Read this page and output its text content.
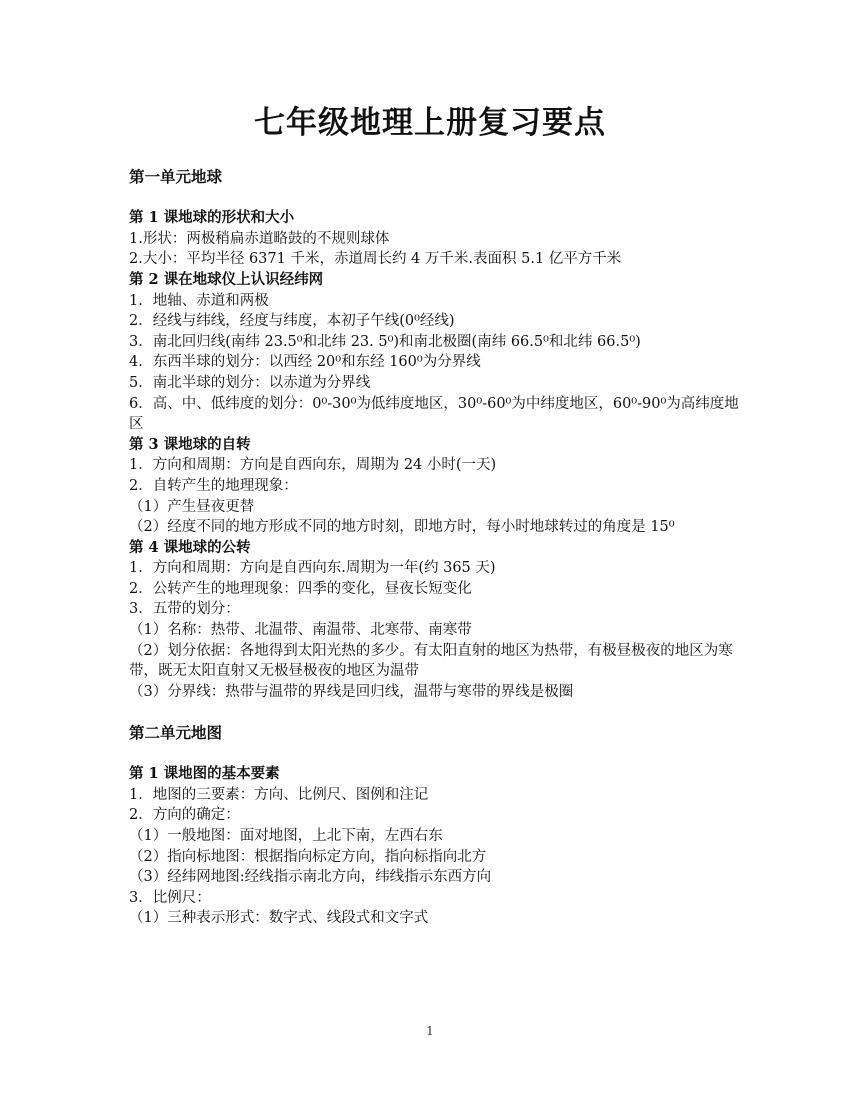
七年级地理上册复习要点
第一单元地球
第 1 课地球的形状和大小
1.形状：两极稍扁赤道略鼓的不规则球体
2.大小：平均半径 6371 千米，赤道周长约 4 万千米.表面积 5.1 亿平方千米
第 2 课在地球仪上认识经纬网
1．地轴、赤道和两极
2．经线与纬线，经度与纬度，本初子午线(0⁰经线)
3．南北回归线(南纬 23.5⁰和北纬 23. 5⁰)和南北极圈(南纬 66.5⁰和北纬 66.5⁰)
4．东西半球的划分：以西经 20⁰和东经 160⁰为分界线
5．南北半球的划分：以赤道为分界线
6．高、中、低纬度的划分：0⁰-30⁰为低纬度地区，30⁰-60⁰为中纬度地区，60⁰-90⁰为高纬度地区
第 3 课地球的自转
1．方向和周期：方向是自西向东，周期为 24 小时(一天)
2．自转产生的地理现象：
（1）产生昼夜更替
（2）经度不同的地方形成不同的地方时刻，即地方时，每小时地球转过的角度是 15⁰
第 4 课地球的公转
1．方向和周期：方向是自西向东.周期为一年(约 365 天)
2．公转产生的地理现象：四季的变化，昼夜长短变化
3．五带的划分：
（1）名称：热带、北温带、南温带、北寒带、南寒带
（2）划分依据：各地得到太阳光热的多少。有太阳直射的地区为热带，有极昼极夜的地区为寒带，既无太阳直射又无极昼极夜的地区为温带
（3）分界线：热带与温带的界线是回归线，温带与寒带的界线是极圈
第二单元地图
第 1 课地图的基本要素
1．地图的三要素：方向、比例尺、图例和注记
2．方向的确定：
（1）一般地图：面对地图，上北下南，左西右东
（2）指向标地图：根据指向标定方向，指向标指向北方
（3）经纬网地图:经线指示南北方向，纬线指示东西方向
3．比例尺：
（1）三种表示形式：数字式、线段式和文字式
1
